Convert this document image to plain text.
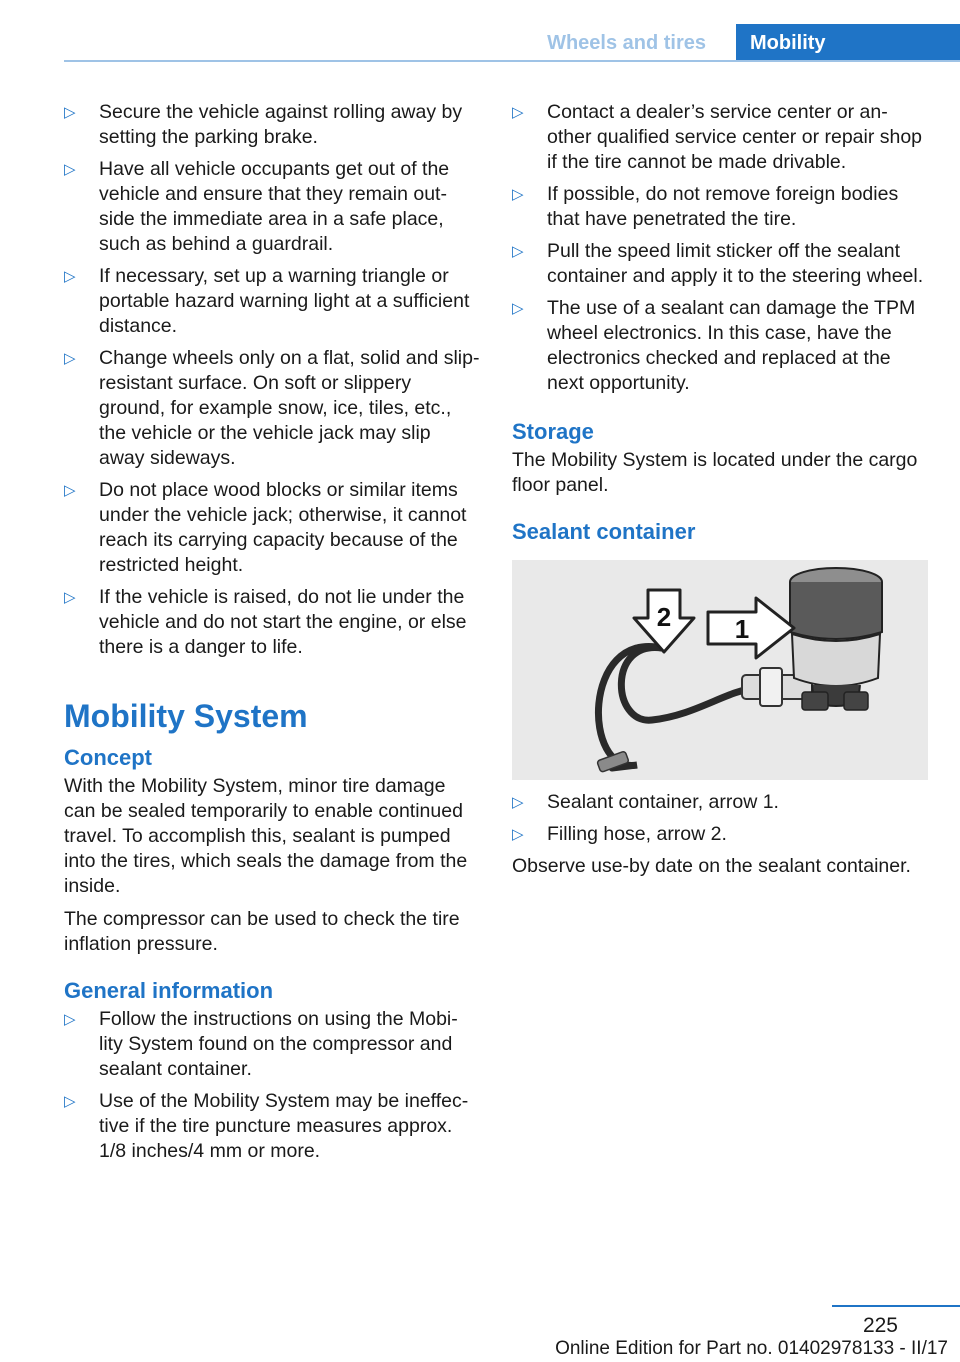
Wheels and tires	Mobility
▷ Secure the vehicle against rolling away by setting the parking brake.
▷ Have all vehicle occupants get out of the vehicle and ensure that they remain out-side the immediate area in a safe place, such as behind a guardrail.
▷ If necessary, set up a warning triangle or portable hazard warning light at a sufficient distance.
▷ Change wheels only on a flat, solid and slip-resistant surface. On soft or slippery ground, for example snow, ice, tiles, etc., the vehicle or the vehicle jack may slip away sideways.
▷ Do not place wood blocks or similar items under the vehicle jack; otherwise, it cannot reach its carrying capacity because of the restricted height.
▷ If the vehicle is raised, do not lie under the vehicle and do not start the engine, or else there is a danger to life.
Mobility System
Concept

With the Mobility System, minor tire damage can be sealed temporarily to enable continued travel. To accomplish this, sealant is pumped into the tires, which seals the damage from the inside.

The compressor can be used to check the tire inflation pressure.

General information
▷ Follow the instructions on using the Mobi-lity System found on the compressor and sealant container.
▷ Use of the Mobility System may be ineffec-tive if the tire puncture measures approx. 1/8 inches/4 mm or more.
▷ Contact a dealer’s service center or an-other qualified service center or repair shop if the tire cannot be made drivable.
▷ If possible, do not remove foreign bodies that have penetrated the tire.
▷ Pull the speed limit sticker off the sealant container and apply it to the steering wheel.
▷ The use of a sealant can damage the TPM wheel electronics. In this case, have the electronics checked and replaced at the next opportunity.
Storage

The Mobility System is located under the cargo floor panel.

Sealant container
2 1
▷ Sealant container, arrow 1.
▷ Filling hose, arrow 2.

Observe use-by date on the sealant container.

225
Online Edition for Part no. 01402978133 - II/17
